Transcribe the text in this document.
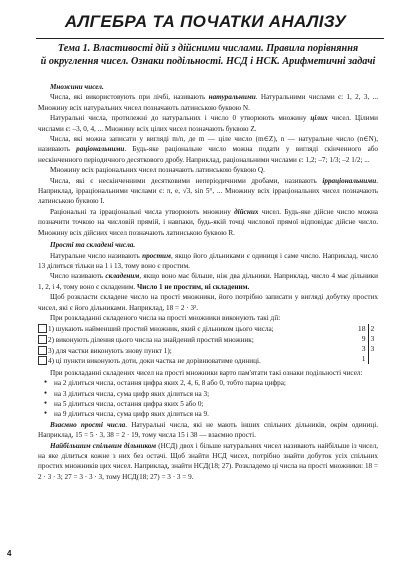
АЛГЕБРА ТА ПОЧАТКИ АНАЛІЗУ
Тема 1. Властивості дій з дійсними числами. Правила порівняння
й округлення чисел. Ознаки подільності. НСД і НСК. Арифметичні задачі

Множини чисел.

Числа, які використовують при лічбі, називають натуральними. Натуральними числами є: 1, 2, 3, ... Множину всіх натуральних чисел позначають латинською буквою N.

Натуральні числа, протилежні до натуральних і число 0 утворюють множину цілих чисел. Цілими числами є: –3, 0, 4, ... Множину всіх цілих чисел позначають буквою Z.

Числа, які можна записати у вигляді m/n, де m — ціле число (m∈Z), n — натуральне число (n∈N), називають раціональними. Будь-яке раціональне число можна подати у вигляді скінченного або нескінченного періодичного десяткового дробу. Наприклад, раціональними числами є: 1,2; –7; 1/3; –2 1/2; ...

Множину всіх раціональних чисел позначають латинською буквою Q.

Числа, які є нескінченними десятковими неперіодичними дробами, називають ірраціональними. Наприклад, ірраціональними числами є: π, e, √3, sin 5°, ... Множину всіх ірраціональних чисел позначають латинською буквою I.

Раціональні та ірраціональні числа утворюють множину дійсних чисел. Будь-яке дійсне число можна позначити точкою на числовій прямій, і навпаки, будь-якій точці числової прямої відповідає дійсне число. Множину всіх дійсних чисел позначають латинською буквою R.

Прості та складені числа.

Натуральне число називають простим, якщо його дільниками є одиниця і саме число. Наприклад, число 13 ділиться тільки на 1 і 13, тому воно є простим.

Число називають складеним, якщо воно має більше, ніж два дільники. Наприклад, число 4 має дільники 1, 2, і 4, тому воно є складеним. Число 1 не простим, ні складеним.

Щоб розкласти складене число на прості множники, його потрібно записати у вигляді добутку простих чисел, які є його дільниками. Наприклад, 18 = 2 · 3².

При розкладанні складеного числа на прості множники виконують такі дії:

1) шукають найменший простий множник, який є дільником цього числа;
2) виконують ділення цього числа на знайдений простий множник;
3) для частки виконують знову пункт 1);
4) ці пункти виконують доти, доки частка не дорівнюватиме одиниці.
18 2
9 3
3 3
1

При розкладанні складених чисел на прості множники варто пам'ятати такі ознаки подільності чисел:

● на 2 ділиться числа, остання цифра яких 2, 4, 6, 8 або 0, тобто парна цифра;
● на 3 ділиться числа, сума цифр яких ділиться на 3;
● на 5 ділиться числа, остання цифра яких 5 або 0;
● на 9 ділиться числа, сума цифр яких ділиться на 9.

Взаємно прості числа. Натуральні числа, які не мають інших спільних дільників, окрім одиниці. Наприклад, 15 = 5 · 3, 38 = 2 · 19, тому числа 15 і 38 — взаємно прості.

Найбільшим спільним дільником (НСД) двох і більше натуральних чисел називають найбільше із чисел, на яке ділиться кожне з них без остачі. Щоб знайти НСД чисел, потрібно знайти добуток усіх спільних простих множників цих чисел. Наприклад, знайти НСД(18; 27). Розкладемо ці числа на прості множники: 18 = 2 · 3 · 3; 27 = 3 · 3 · 3, тому НСД(18; 27) = 3 · 3 = 9.

4
